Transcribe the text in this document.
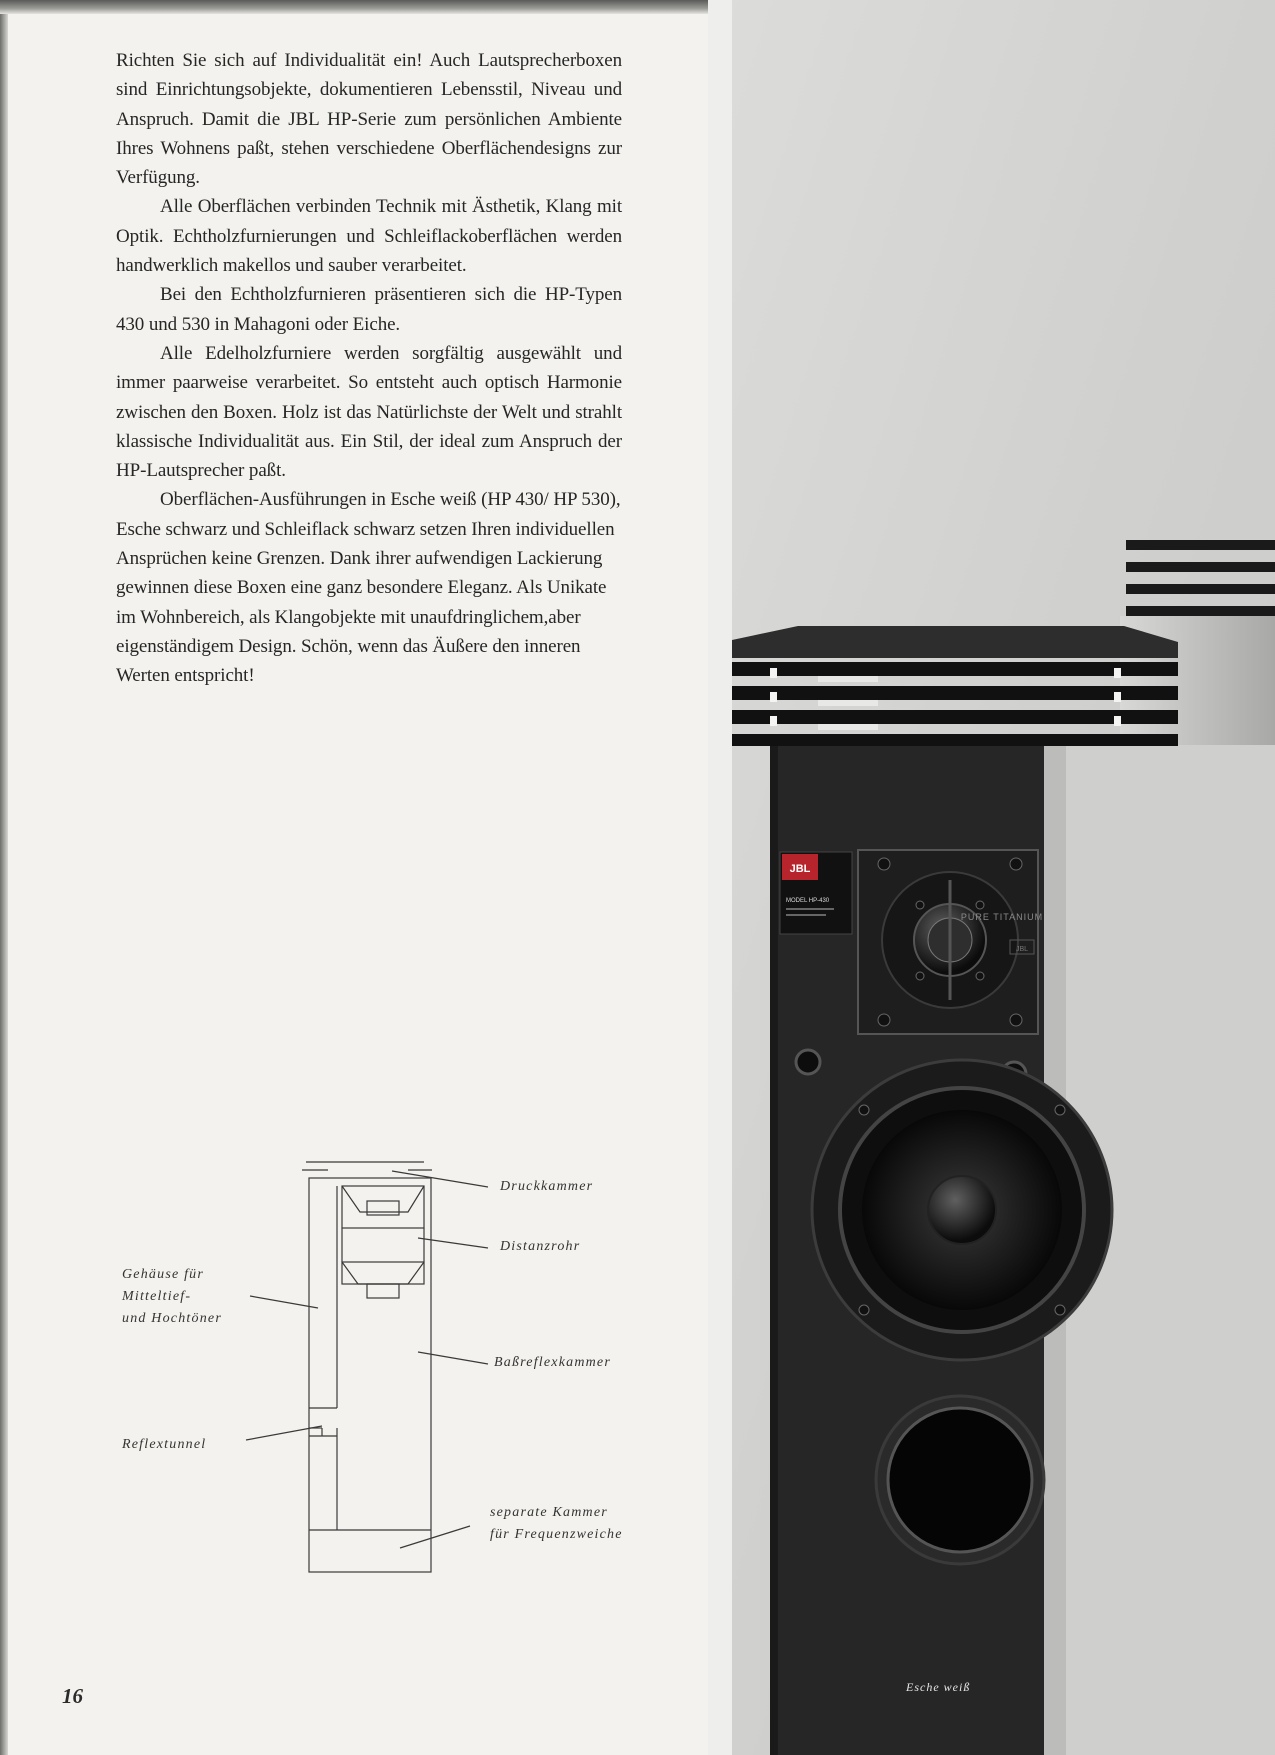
Richten Sie sich auf Individualität ein! Auch Lautsprecherboxen sind Einrichtungsobjekte, dokumentieren Lebensstil, Niveau und Anspruch. Damit die JBL HP-Serie zum persönlichen Ambiente Ihres Wohnens paßt, stehen verschiedene Oberflächendesigns zur Verfügung.

Alle Oberflächen verbinden Technik mit Ästhetik, Klang mit Optik. Echtholzfurnierungen und Schleiflackoberflächen werden handwerklich makellos und sauber verarbeitet.

Bei den Echtholzfurnieren präsentieren sich die HP-Typen 430 und 530 in Mahagoni oder Eiche.

Alle Edelholzfurniere werden sorgfältig ausgewählt und immer paarweise verarbeitet. So entsteht auch optisch Harmonie zwischen den Boxen. Holz ist das Natürlichste der Welt und strahlt klassische Individualität aus. Ein Stil, der ideal zum Anspruch der HP-Lautsprecher paßt.

Oberflächen-Ausführungen in Esche weiß (HP 430/ HP 530), Esche schwarz und Schleiflack schwarz setzen Ihren individuellen Ansprüchen keine Grenzen. Dank ihrer aufwendigen Lackierung gewinnen diese Boxen eine ganz besondere Eleganz. Als Unikate im Wohnbereich, als Klangobjekte mit unaufdringlichem,aber eigenständigem Design. Schön, wenn das Äußere den inneren Werten entspricht!

Druckkammer
Distanzrohr
Gehäuse für
Mitteltief-
und Hochtöner
Baßreflexkammer
Reflextunnel
separate Kammer
für Frequenzweiche
JBL
MODEL HP-430
PURE TITANIUM
JBL
Esche weiß
16
